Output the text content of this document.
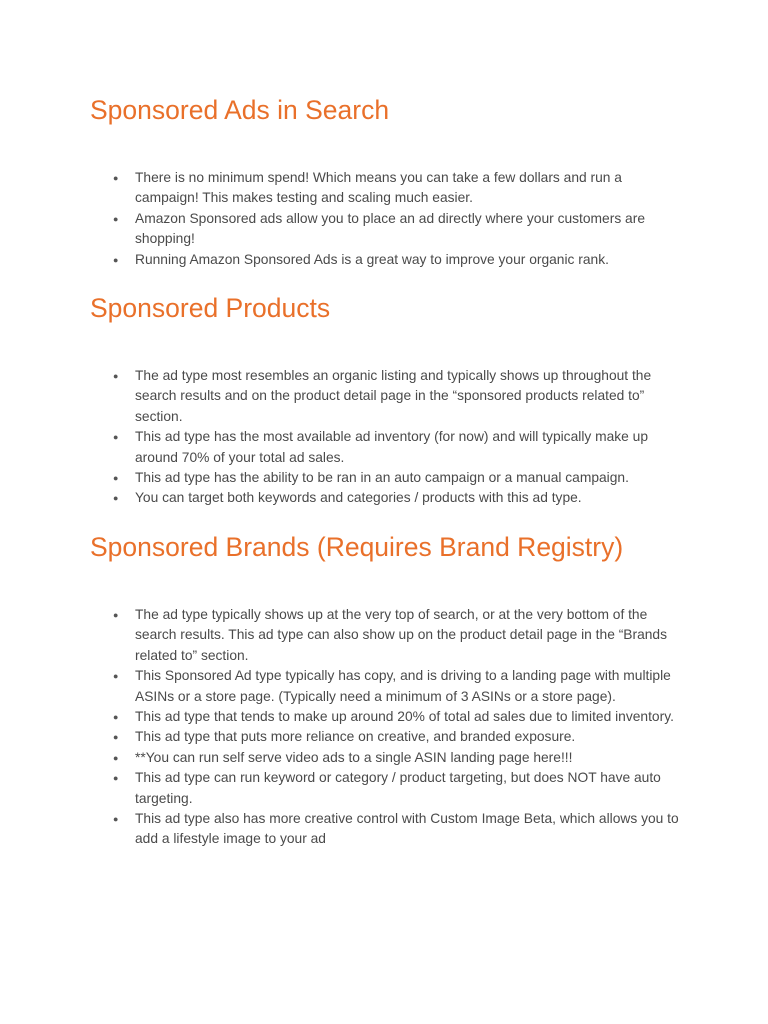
Sponsored Ads in Search
● There is no minimum spend! Which means you can take a few dollars and run a campaign! This makes testing and scaling much easier.
● Amazon Sponsored ads allow you to place an ad directly where your customers are shopping!
● Running Amazon Sponsored Ads is a great way to improve your organic rank.
Sponsored Products
● The ad type most resembles an organic listing and typically shows up throughout the search results and on the product detail page in the “sponsored products related to” section.
● This ad type has the most available ad inventory (for now) and will typically make up around 70% of your total ad sales.
● This ad type has the ability to be ran in an auto campaign or a manual campaign.
● You can target both keywords and categories / products with this ad type.
Sponsored Brands (Requires Brand Registry)
● The ad type typically shows up at the very top of search, or at the very bottom of the search results. This ad type can also show up on the product detail page in the “Brands related to” section.
● This Sponsored Ad type typically has copy, and is driving to a landing page with multiple ASINs or a store page. (Typically need a minimum of 3 ASINs or a store page).
● This ad type that tends to make up around 20% of total ad sales due to limited inventory.
● This ad type that puts more reliance on creative, and branded exposure.
● **You can run self serve video ads to a single ASIN landing page here!!!
● This ad type can run keyword or category / product targeting, but does NOT have auto targeting.
● This ad type also has more creative control with Custom Image Beta, which allows you to add a lifestyle image to your ad
